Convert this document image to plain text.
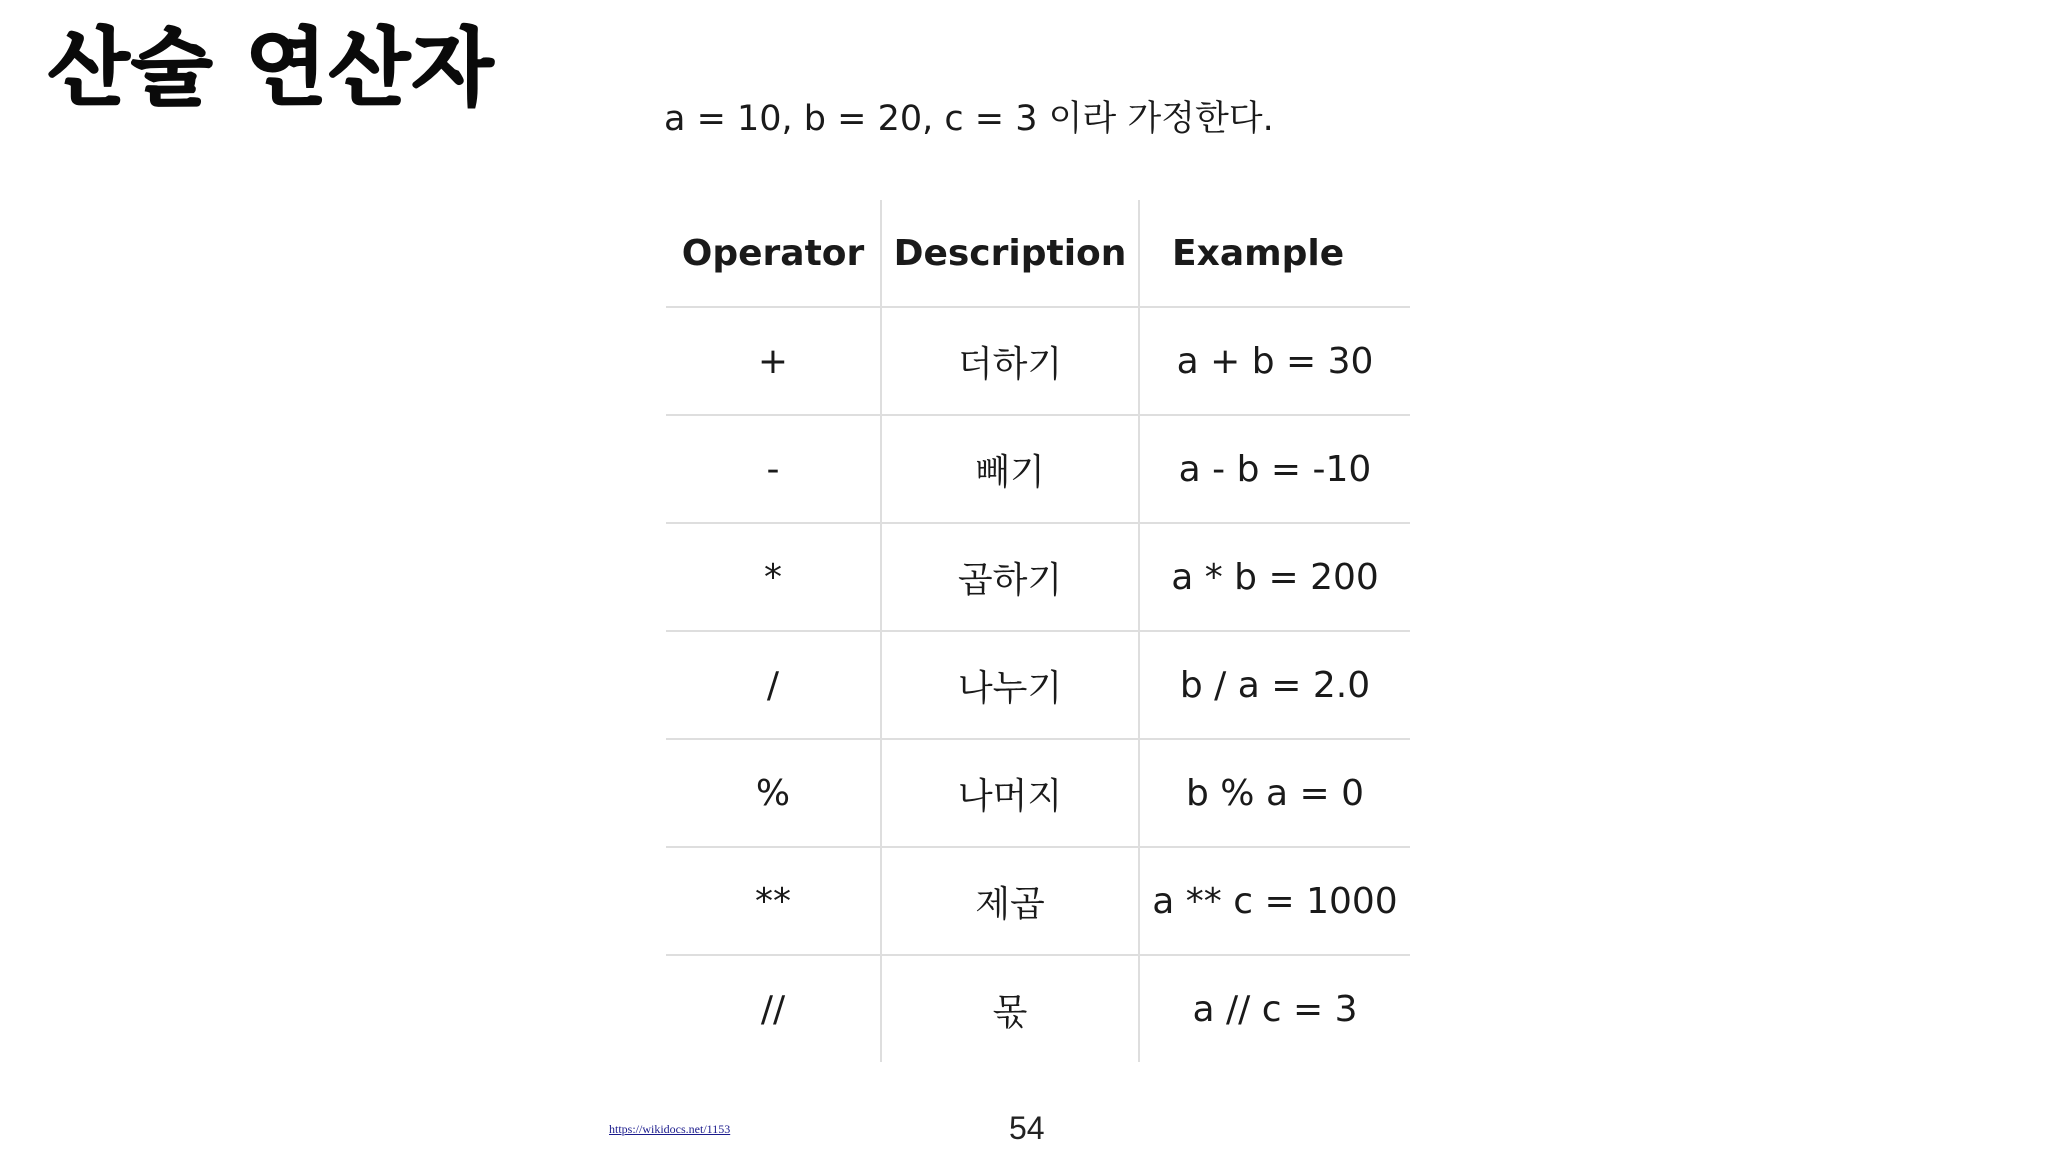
산술 연산자
a = 10, b = 20, c = 3 이라 가정한다.
Operator	Description	Example
+	더하기	a + b = 30
-	빼기	a - b = -10
*	곱하기	a * b = 200
/	나누기	b / a = 2.0
%	나머지	b % a = 0
**	제곱	a ** c = 1000
//	몫	a // c = 3
https://wikidocs.net/1153	54
